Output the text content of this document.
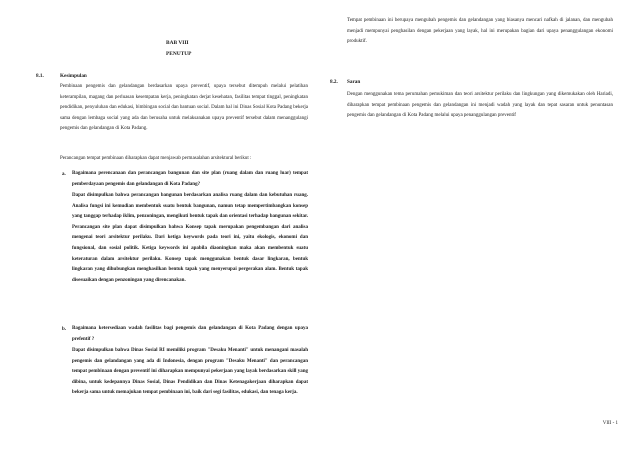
BAB VIII
PENUTUP
8.1.	Kesimpulan
Pembinaan pengemis dan gelandangan berdasarkan upaya preventif, upaya tersebut ditempuh melalui pelatihan keterampilan, magang dan perluasan kesempatan kerja, peningkatan derjat kesehatan, fasilitas tempat tinggal, peningkatan pendidikan, penyuluhan dan edukasi, bimbingan social dan bantuan social. Dalam hal ini Dinas Sosial Kota Padang bekerja sama dengan lembaga social yang ada dan berusaha untuk melaksanakan upaya preventif tersebut dalam menanggulangi pengemis dan gelandangan di Kota Padang.
Perancangan tempat pembinaan diharapkan dapat menjawab permasalahan arsitektural berikut :
a. Bagaimana perencanaan dan perancangan bangunan dan site plan (ruang dalam dan ruang luar) tempat pemberdayaan pengemis dan gelandangan di Kota Padang?
Dapat disimpulkan bahwa perancangan bangunan berdasarkan analisa ruang dalam dan kebutuhan ruang. Analisa fungsi ini kemudian membentuk suatu bentuk bangunan, namun tetap mempertimbangkan konsep yang tanggap terhadap iklim, penzoningan, mengikuti bentuk tapak dan orientasi terhadap bangunan sekitar. Perancangan site plan dapat disimpulkan bahwa Konsep tapak merupakan pengembangan dari analisa mengenai teori arsitektur perilaku. Dari ketiga keywords pada teori ini, yaitu ekologis, ekonomi dan fungsional, dan sosial politik. Ketiga keywords ini apabila diaoningkan maka akan membentuk suatu keteraturan dalam arsitektur perilaku. Konsep tapak menggunakan bentuk dasar lingkaran, bentuk lingkaran yang dihubungkan menghasilkan bentuk tapak yang menyerupai pergerakan alam. Bentuk tapak disesuaikan dengan penzoningan yang direncanakan.
b. Bagaimana ketersediaan wadah fasilitas bagi pengemis dan gelandangan di Kota Padang dengan upaya prefentif ?
Dapat disimpulkan bahwa Dinas Sosial RI memiliki program "Desaku Menanti" untuk menangani masalah pengemis dan gelandangan yang ada di Indonesia, dengan program "Desaku Menanti" dan perancangan tempat pembinaan dengan preventif ini diharapkan mempunyai pekerjaan yang layak berdasarkan skill yang dibina, untuk kedepannya Dinas Sosial, Dinas Pendidikan dan Dinas Ketenagakerjaan diharapkan dapat bekerja sama untuk memajukan tempat pembinaan ini, baik dari segi fasilitas, edukasi, dan tenaga kerja.
Tempat pembinaan ini berupaya mengubah pengemis dan gelandangan yang biasanya mencari nafkah di jalanan, dan mengubah menjadi mempunyai penghasilan dengan pekerjaan yang layak, hal ini merupakan bagian dari upaya penanggulangan ekonomi produktif.
8.2. Saran
Dengan menggunakan tema perumahan pemukiman dan teori arsitektur perilaku dan lingkungan yang dikemukakan oleh Hariadi, diharapkan tempat pembinaan pengemis dan gelandangan ini menjadi wadah yang layak dan tepat sasaran untuk penuntasan pengemis dan gelandangan di Kota Padang melalui upaya penanggulangan preventif
VIII - 1
